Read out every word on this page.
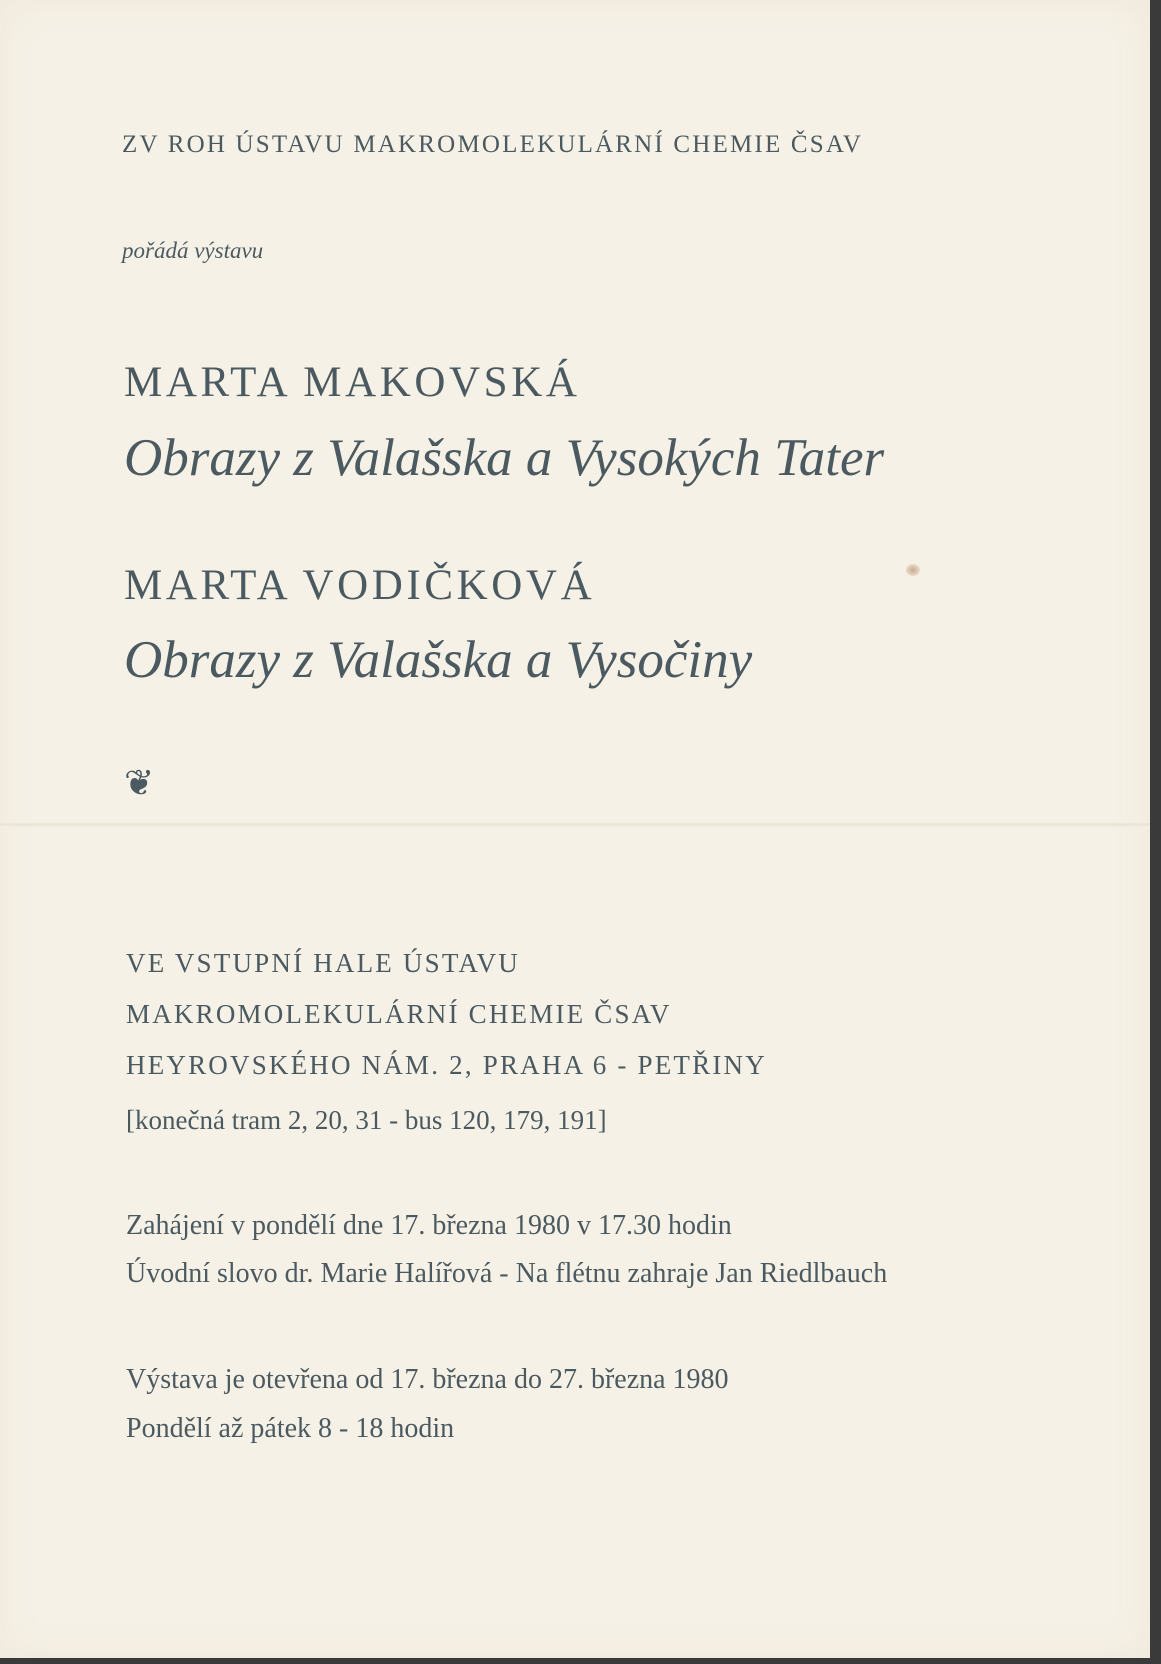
ZV ROH ÚSTAVU MAKROMOLEKULÁRNÍ CHEMIE ČSAV
pořádá výstavu
MARTA MAKOVSKÁ
Obrazy z Valašska a Vysokých Tater
MARTA VODIČKOVÁ
Obrazy z Valašska a Vysočiny
❦
VE VSTUPNÍ HALE ÚSTAVU
MAKROMOLEKULÁRNÍ CHEMIE ČSAV
HEYROVSKÉHO NÁM. 2, PRAHA 6 - PETŘINY
[konečná tram 2, 20, 31 - bus 120, 179, 191]
Zahájení v pondělí dne 17. března 1980 v 17.30 hodin
Úvodní slovo dr. Marie Halířová - Na flétnu zahraje Jan Riedlbauch
Výstava je otevřena od 17. března do 27. března 1980
Pondělí až pátek 8 - 18 hodin
